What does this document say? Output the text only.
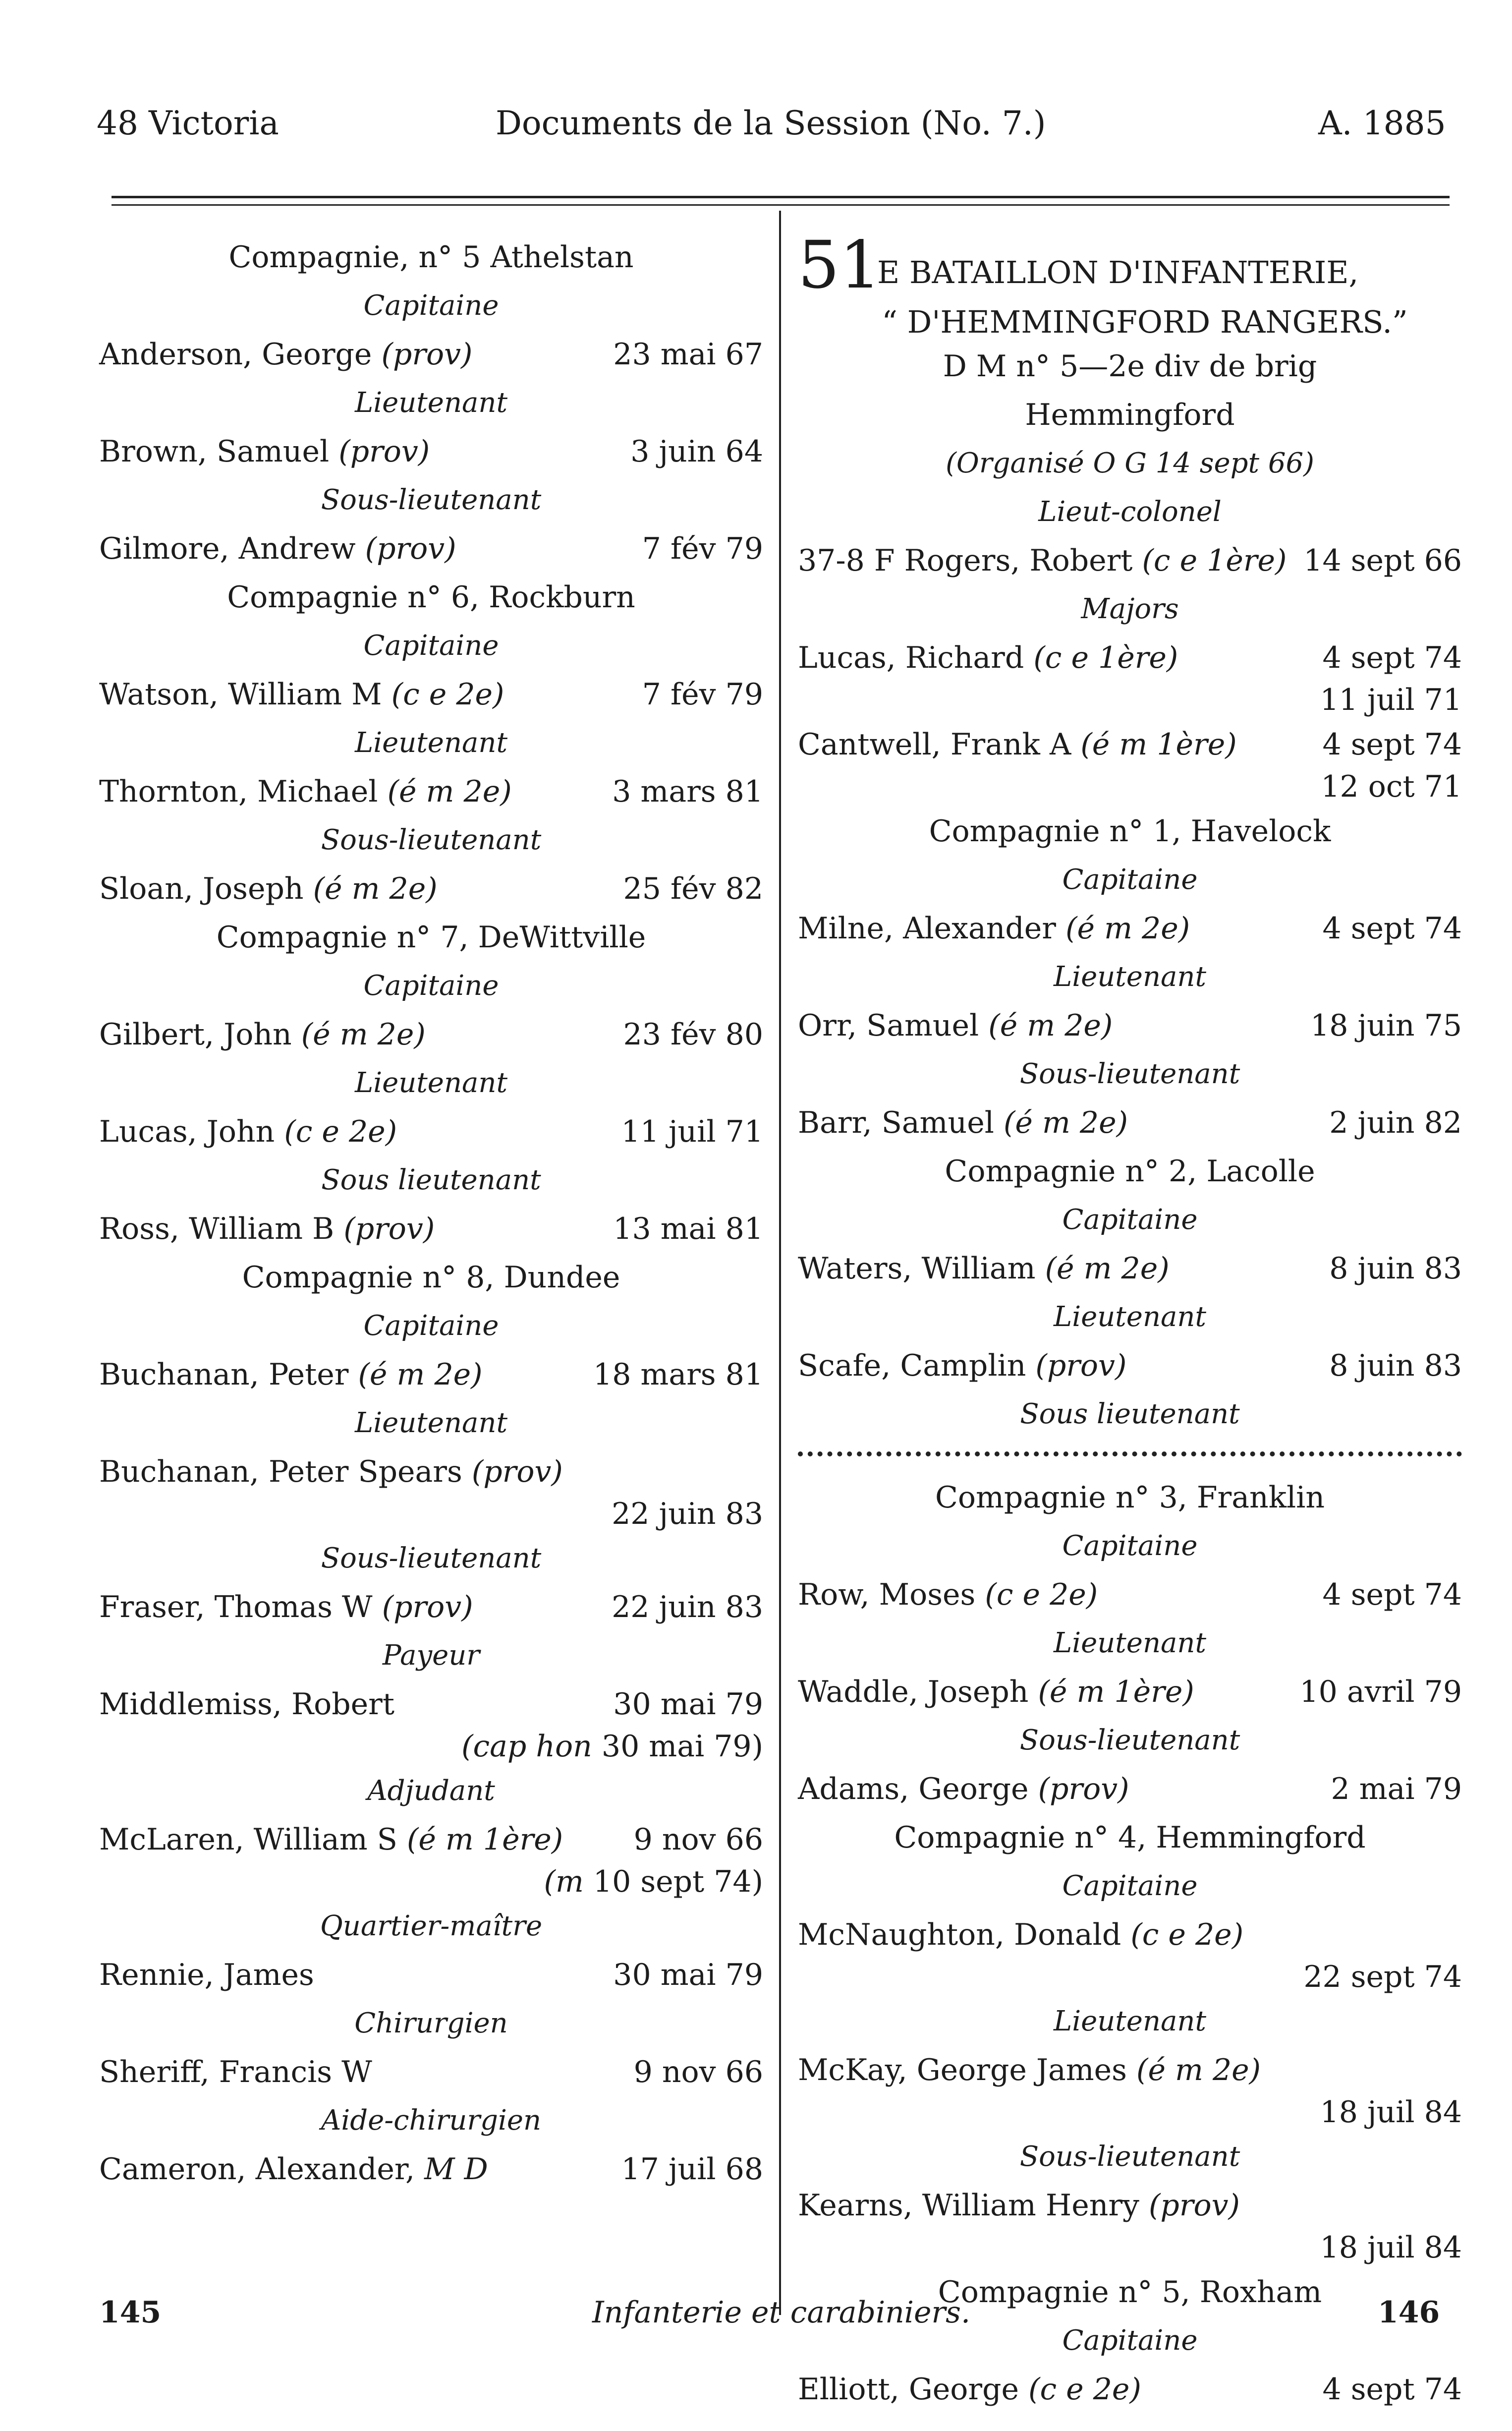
48 Victoria	Documents de la Session (No. 7.)	A. 1885
Compagnie, n° 5 Athelstan
Capitaine
Anderson, George (prov)	23 mai 67
Lieutenant
Brown, Samuel (prov)	3 juin 64
Sous-lieutenant
Gilmore, Andrew (prov)	7 fév 79
Compagnie n° 6, Rockburn
Capitaine
Watson, William M (c e 2e)	7 fév 79
Lieutenant
Thornton, Michael (é m 2e)	3 mars 81
Sous-lieutenant
Sloan, Joseph (é m 2e)	25 fév 82
Compagnie n° 7, DeWittville
Capitaine
Gilbert, John (é m 2e)	23 fév 80
Lieutenant
Lucas, John (c e 2e)	11 juil 71
Sous lieutenant
Ross, William B (prov)	13 mai 81
Compagnie n° 8, Dundee
Capitaine
Buchanan, Peter (é m 2e)	18 mars 81
Lieutenant
Buchanan, Peter Spears (prov)
22 juin 83
Sous-lieutenant
Fraser, Thomas W (prov)	22 juin 83
Payeur
Middlemiss, Robert	30 mai 79
(cap hon 30 mai 79)
Adjudant
McLaren, William S (é m 1ère) 9 nov 66
(m 10 sept 74)
Quartier-maître
Rennie, James	30 mai 79
Chirurgien
Sheriff, Francis W	9 nov 66
Aide-chirurgien
Cameron, Alexander, M D	17 juil 68
51
E BATAILLON D'INFANTERIE,
“ D'HEMMINGFORD RANGERS.”
D M n° 5—2e div de brig
Hemmingford
(Organisé O G 14 sept 66)
Lieut-colonel
37-8 F Rogers, Robert (c e 1ère) 14 sept 66
Majors
Lucas, Richard (c e 1ère)	4 sept 74
11 juil 71
Cantwell, Frank A (é m 1ère)	4 sept 74
12 oct 71
Compagnie n° 1, Havelock
Capitaine
Milne, Alexander (é m 2e)	4 sept 74
Lieutenant
Orr, Samuel (é m 2e)	18 juin 75
Sous-lieutenant
Barr, Samuel (é m 2e)	2 juin 82
Compagnie n° 2, Lacolle
Capitaine
Waters, William (é m 2e)	8 juin 83
Lieutenant
Scafe, Camplin (prov)	8 juin 83
Sous lieutenant
Compagnie n° 3, Franklin
Capitaine
Row, Moses (c e 2e)	4 sept 74
Lieutenant
Waddle, Joseph (é m 1ère)	10 avril 79
Sous-lieutenant
Adams, George (prov)	2 mai 79
Compagnie n° 4, Hemmingford
Capitaine
McNaughton, Donald (c e 2e)
22 sept 74
Lieutenant
McKay, George James (é m 2e)
18 juil 84
Sous-lieutenant
Kearns, William Henry (prov)
18 juil 84
Compagnie n° 5, Roxham
Capitaine
Elliott, George (c e 2e)	4 sept 74
145	Infanterie et carabiniers.	146
